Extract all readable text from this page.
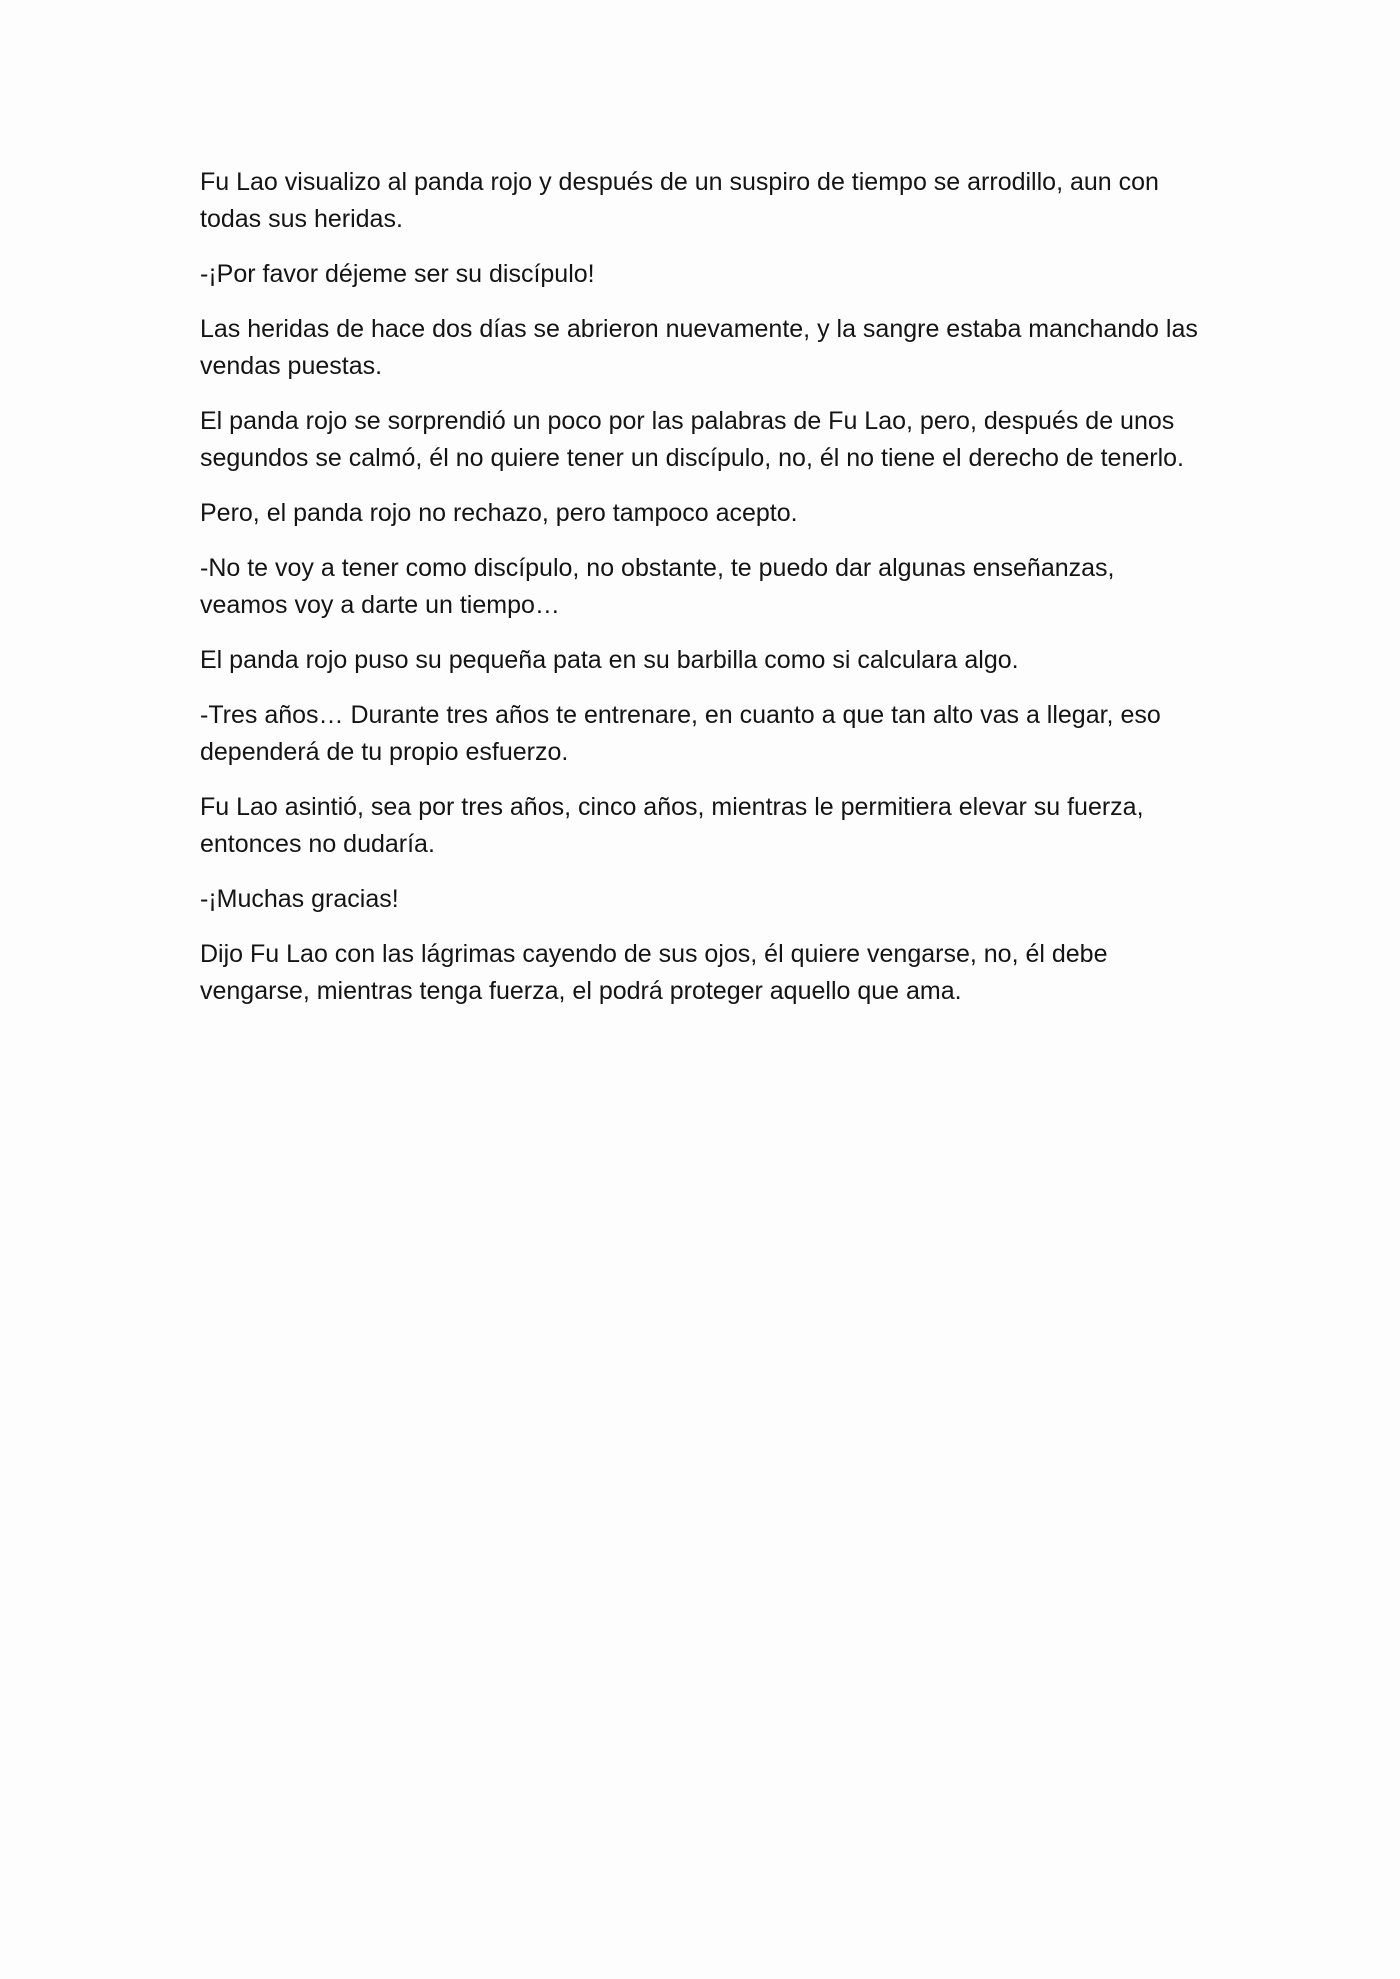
Fu Lao visualizo al panda rojo y después de un suspiro de tiempo se arrodillo, aun con todas sus heridas.

-¡Por favor déjeme ser su discípulo!

Las heridas de hace dos días se abrieron nuevamente, y la sangre estaba manchando las vendas puestas.

El panda rojo se sorprendió un poco por las palabras de Fu Lao, pero, después de unos segundos se calmó, él no quiere tener un discípulo, no, él no tiene el derecho de tenerlo.

Pero, el panda rojo no rechazo, pero tampoco acepto.

-No te voy a tener como discípulo, no obstante, te puedo dar algunas enseñanzas, veamos voy a darte un tiempo…

El panda rojo puso su pequeña pata en su barbilla como si calculara algo.

-Tres años… Durante tres años te entrenare, en cuanto a que tan alto vas a llegar, eso dependerá de tu propio esfuerzo.

Fu Lao asintió, sea por tres años, cinco años, mientras le permitiera elevar su fuerza, entonces no dudaría.

-¡Muchas gracias!

Dijo Fu Lao con las lágrimas cayendo de sus ojos, él quiere vengarse, no, él debe vengarse, mientras tenga fuerza, el podrá proteger aquello que ama.
